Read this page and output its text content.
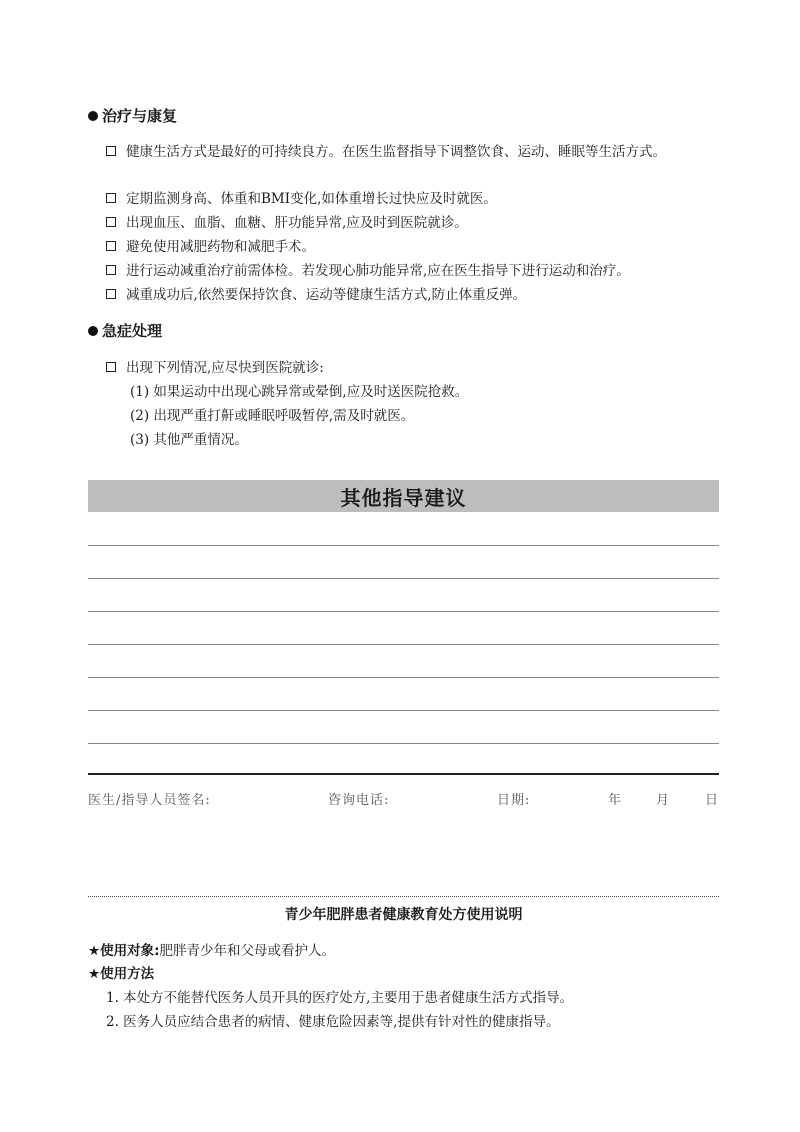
治疗与康复
健康生活方式是最好的可持续良方。在医生监督指导下调整饮食、运动、睡眠等生活方式。
定期监测身高、体重和BMI变化,如体重增长过快应及时就医。
出现血压、血脂、血糖、肝功能异常,应及时到医院就诊。
避免使用减肥药物和减肥手术。
进行运动减重治疗前需体检。若发现心肺功能异常,应在医生指导下进行运动和治疗。
减重成功后,依然要保持饮食、运动等健康生活方式,防止体重反弹。
急症处理
出现下列情况,应尽快到医院就诊:
(1) 如果运动中出现心跳异常或晕倒,应及时送医院抢救。
(2) 出现严重打鼾或睡眠呼吸暂停,需及时就医。
(3) 其他严重情况。
其他指导建议
医生/指导人员签名:	咨询电话:	日期:	年	月	日
青少年肥胖患者健康教育处方使用说明
★使用对象: 肥胖青少年和父母或看护人。
★使用方法
1. 本处方不能替代医务人员开具的医疗处方,主要用于患者健康生活方式指导。
2. 医务人员应结合患者的病情、健康危险因素等,提供有针对性的健康指导。
